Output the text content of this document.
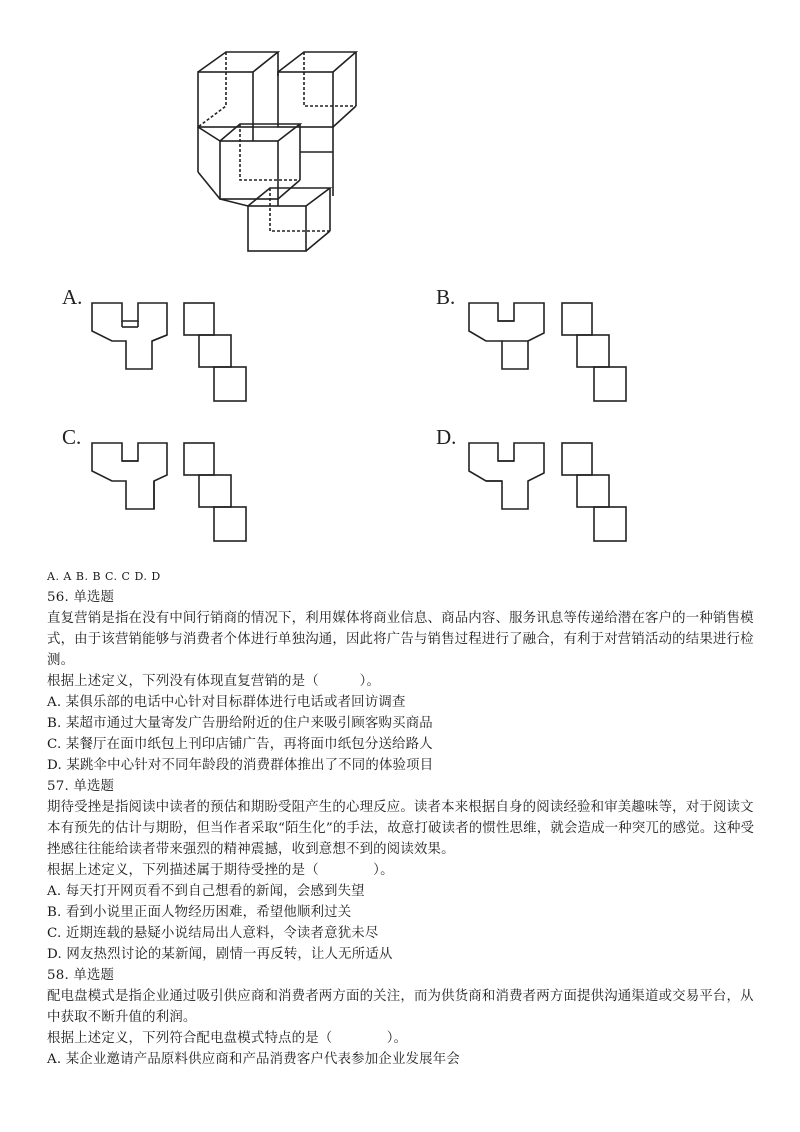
A.	B.
C.	D.
A. A B. B C. C D. D
56. 单选题
直复营销是指在没有中间行销商的情况下，利用媒体将商业信息、商品内容、服务讯息等传递给潜在客户的一种销售模式，由于该营销能够与消费者个体进行单独沟通，因此将广告与销售过程进行了融合，有利于对营销活动的结果进行检测。
根据上述定义，下列没有体现直复营销的是（　　　）。
A. 某俱乐部的电话中心针对目标群体进行电话或者回访调查
B. 某超市通过大量寄发广告册给附近的住户来吸引顾客购买商品
C. 某餐厅在面巾纸包上刊印店铺广告，再将面巾纸包分送给路人
D. 某跳伞中心针对不同年龄段的消费群体推出了不同的体验项目
57. 单选题
期待受挫是指阅读中读者的预估和期盼受阻产生的心理反应。读者本来根据自身的阅读经验和审美趣味等，对于阅读文本有预先的估计与期盼，但当作者采取“陌生化”的手法，故意打破读者的惯性思维，就会造成一种突兀的感觉。这种受挫感往往能给读者带来强烈的精神震撼，收到意想不到的阅读效果。
根据上述定义，下列描述属于期待受挫的是（　　　　）。
A. 每天打开网页看不到自己想看的新闻，会感到失望
B. 看到小说里正面人物经历困难，希望他顺利过关
C. 近期连载的悬疑小说结局出人意料，令读者意犹未尽
D. 网友热烈讨论的某新闻，剧情一再反转，让人无所适从
58. 单选题
配电盘模式是指企业通过吸引供应商和消费者两方面的关注，而为供货商和消费者两方面提供沟通渠道或交易平台，从中获取不断升值的利润。
根据上述定义，下列符合配电盘模式特点的是（　　　　）。
A. 某企业邀请产品原料供应商和产品消费客户代表参加企业发展年会
